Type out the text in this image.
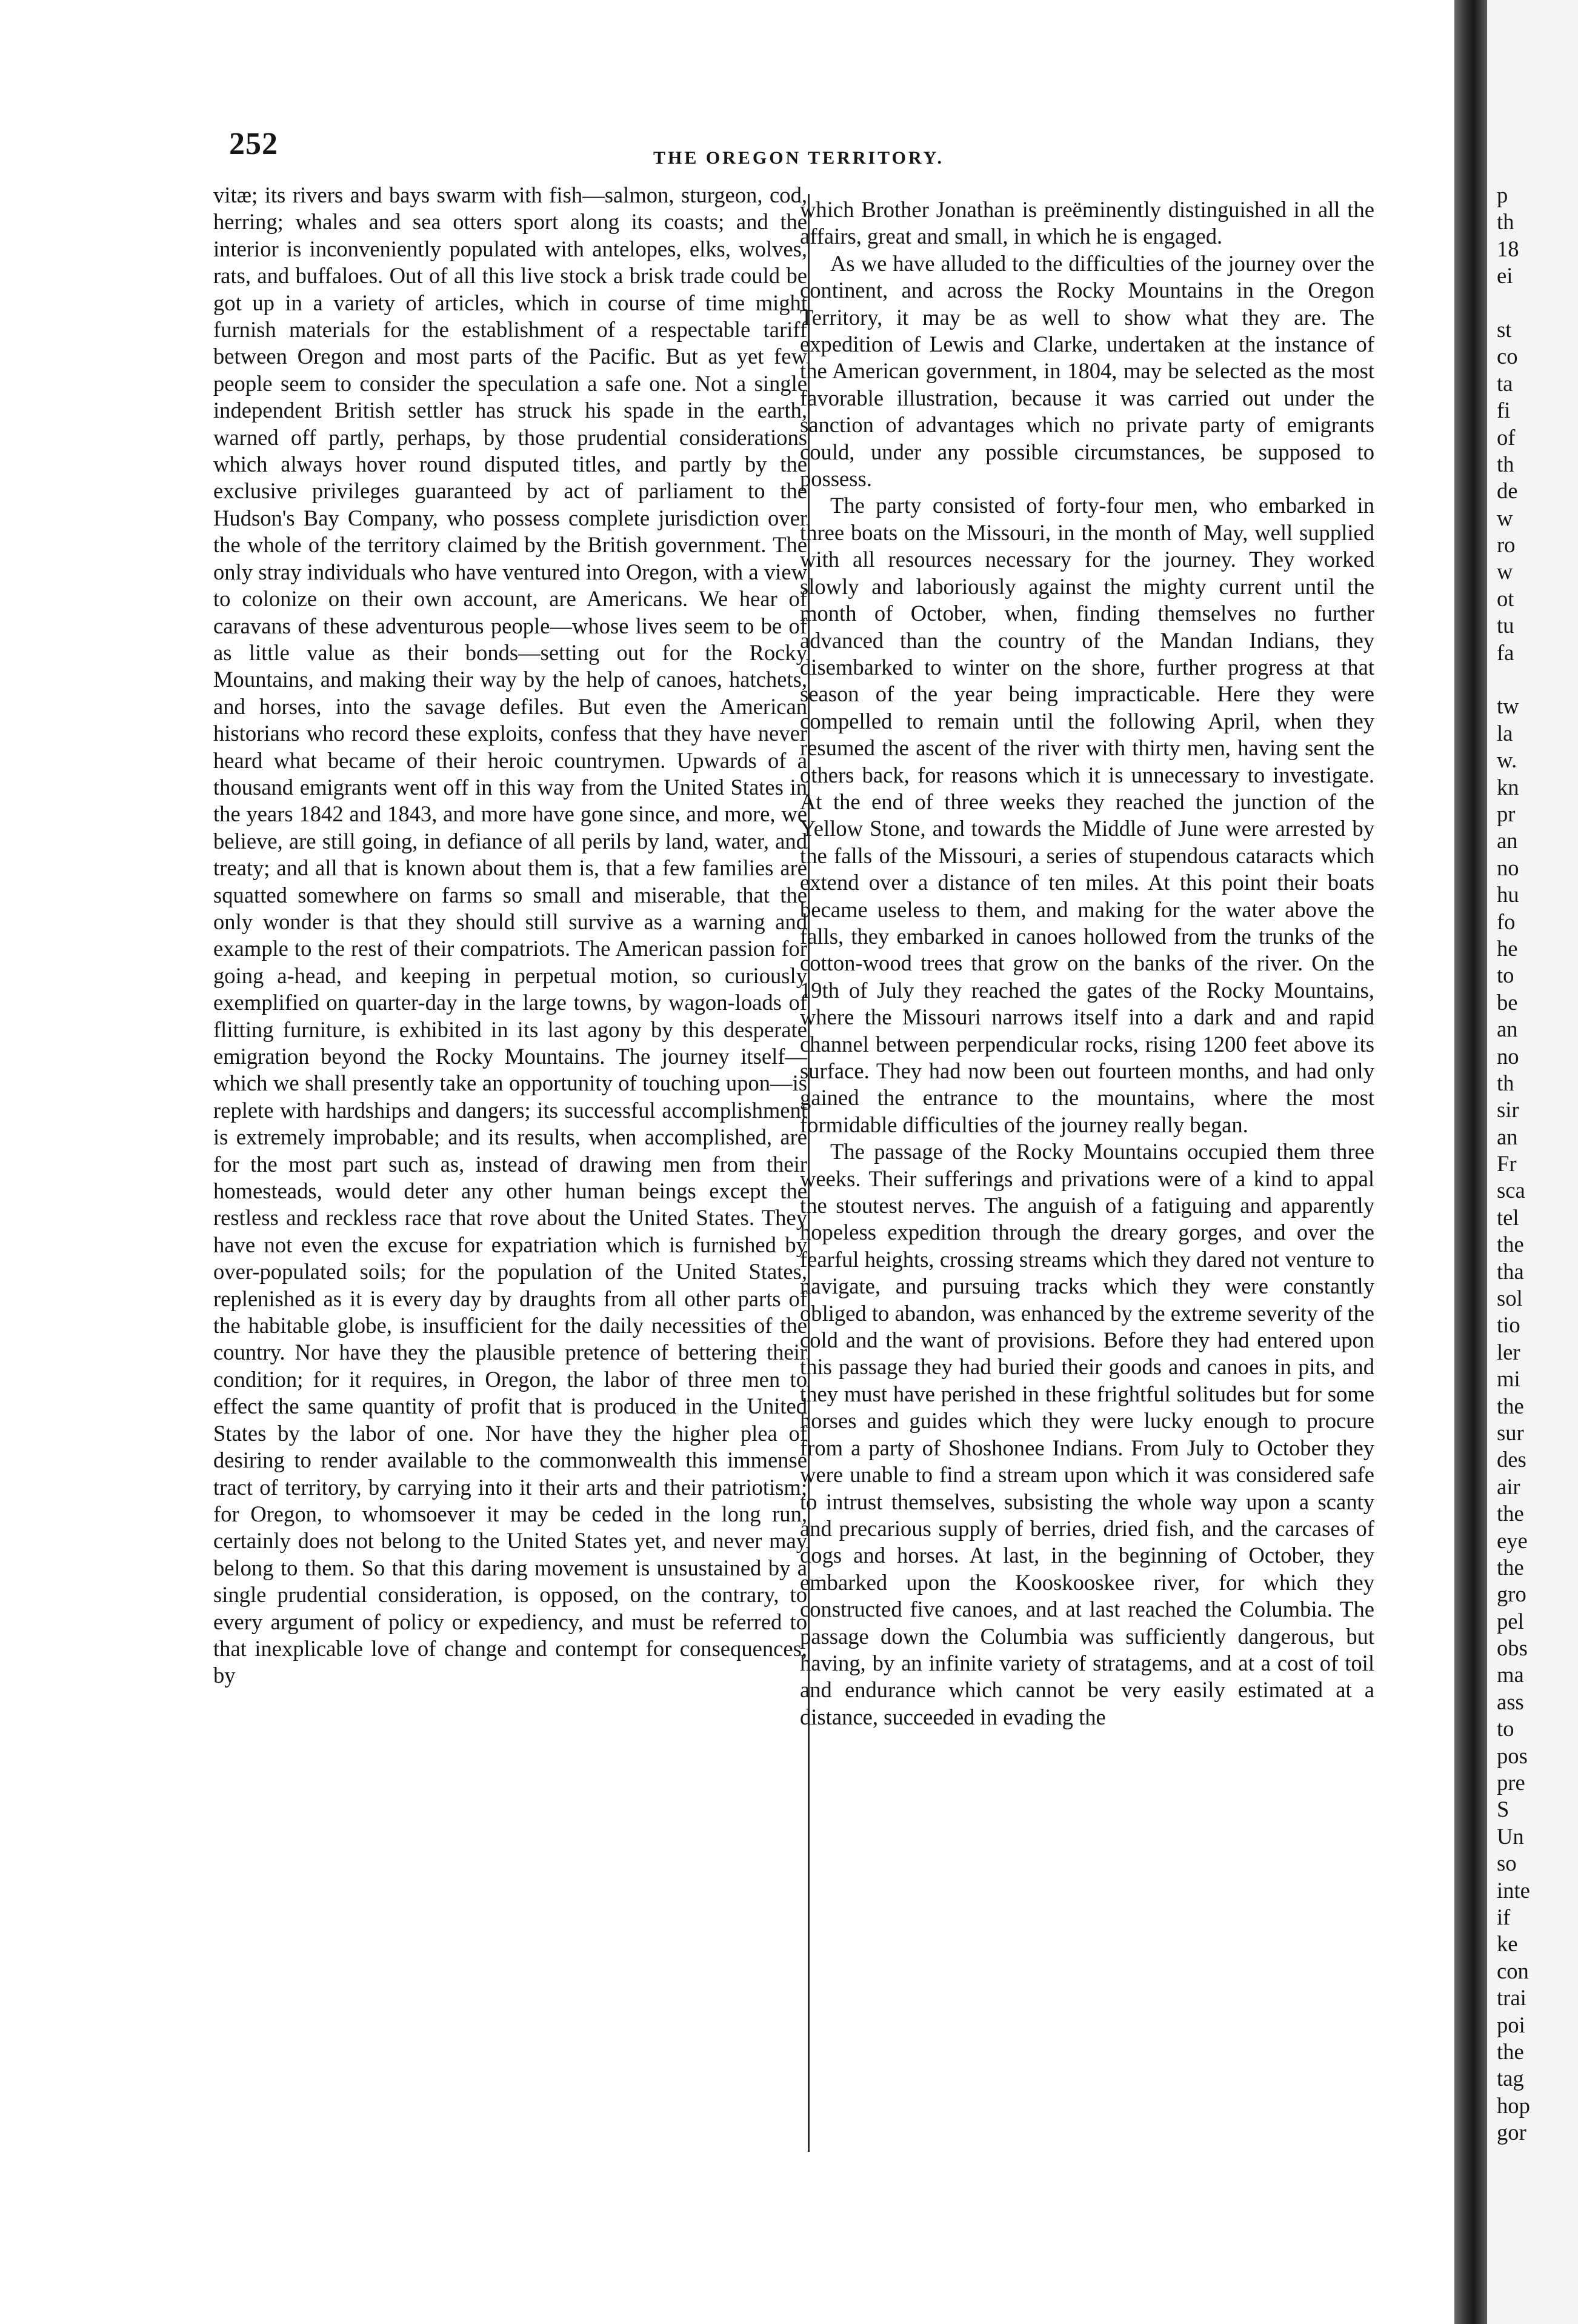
252	THE OREGON TERRITORY.

vitæ; its rivers and bays swarm with fish—salmon, sturgeon, cod, herring; whales and sea otters sport along its coasts; and the interior is inconveniently populated with antelopes, elks, wolves, rats, and buffaloes. Out of all this live stock a brisk trade could be got up in a variety of articles, which in course of time might furnish materials for the establishment of a respectable tariff between Oregon and most parts of the Pacific. But as yet few people seem to consider the speculation a safe one. Not a single independent British settler has struck his spade in the earth, warned off partly, perhaps, by those prudential considerations which always hover round disputed titles, and partly by the exclusive privileges guaranteed by act of parliament to the Hudson's Bay Company, who possess complete jurisdiction over the whole of the territory claimed by the British government. The only stray individuals who have ventured into Oregon, with a view to colonize on their own account, are Americans. We hear of caravans of these adventurous people—whose lives seem to be of as little value as their bonds—setting out for the Rocky Mountains, and making their way by the help of canoes, hatchets, and horses, into the savage defiles. But even the American historians who record these exploits, confess that they have never heard what became of their heroic countrymen. Upwards of a thousand emigrants went off in this way from the United States in the years 1842 and 1843, and more have gone since, and more, we believe, are still going, in defiance of all perils by land, water, and treaty; and all that is known about them is, that a few families are squatted somewhere on farms so small and miserable, that the only wonder is that they should still survive as a warning and example to the rest of their compatriots. The American passion for going a-head, and keeping in perpetual motion, so curiously exemplified on quarter-day in the large towns, by wagon-loads of flitting furniture, is exhibited in its last agony by this desperate emigration beyond the Rocky Mountains. The journey itself—which we shall presently take an opportunity of touching upon—is replete with hardships and dangers; its successful accomplishment is extremely improbable; and its results, when accomplished, are for the most part such as, instead of drawing men from their homesteads, would deter any other human beings except the restless and reckless race that rove about the United States. They have not even the excuse for expatriation which is furnished by over-populated soils; for the population of the United States, replenished as it is every day by draughts from all other parts of the habitable globe, is insufficient for the daily necessities of the country. Nor have they the plausible pretence of bettering their condition; for it requires, in Oregon, the labor of three men to effect the same quantity of profit that is produced in the United States by the labor of one. Nor have they the higher plea of desiring to render available to the commonwealth this immense tract of territory, by carrying into it their arts and their patriotism; for Oregon, to whomsoever it may be ceded in the long run, certainly does not belong to the United States yet, and never may belong to them. So that this daring movement is unsustained by a single prudential consideration, is opposed, on the contrary, to every argument of policy or expediency, and must be referred to that inexplicable love of change and contempt for consequences, by

which Brother Jonathan is preëminently distinguished in all the affairs, great and small, in which he is engaged.

As we have alluded to the difficulties of the journey over the continent, and across the Rocky Mountains in the Oregon Territory, it may be as well to show what they are. The expedition of Lewis and Clarke, undertaken at the instance of the American government, in 1804, may be selected as the most favorable illustration, because it was carried out under the sanction of advantages which no private party of emigrants could, under any possible circumstances, be supposed to possess.

The party consisted of forty-four men, who embarked in three boats on the Missouri, in the month of May, well supplied with all resources necessary for the journey. They worked slowly and laboriously against the mighty current until the month of October, when, finding themselves no further advanced than the country of the Mandan Indians, they disembarked to winter on the shore, further progress at that season of the year being impracticable. Here they were compelled to remain until the following April, when they resumed the ascent of the river with thirty men, having sent the others back, for reasons which it is unnecessary to investigate. At the end of three weeks they reached the junction of the Yellow Stone, and towards the Middle of June were arrested by the falls of the Missouri, a series of stupendous cataracts which extend over a distance of ten miles. At this point their boats became useless to them, and making for the water above the falls, they embarked in canoes hollowed from the trunks of the cotton-wood trees that grow on the banks of the river. On the 19th of July they reached the gates of the Rocky Mountains, where the Missouri narrows itself into a dark and and rapid channel between perpendicular rocks, rising 1200 feet above its surface. They had now been out fourteen months, and had only gained the entrance to the mountains, where the most formidable difficulties of the journey really began.

The passage of the Rocky Mountains occupied them three weeks. Their sufferings and privations were of a kind to appal the stoutest nerves. The anguish of a fatiguing and apparently hopeless expedition through the dreary gorges, and over the fearful heights, crossing streams which they dared not venture to navigate, and pursuing tracks which they were constantly obliged to abandon, was enhanced by the extreme severity of the cold and the want of provisions. Before they had entered upon this passage they had buried their goods and canoes in pits, and they must have perished in these frightful solitudes but for some horses and guides which they were lucky enough to procure from a party of Shoshonee Indians. From July to October they were unable to find a stream upon which it was considered safe to intrust themselves, subsisting the whole way upon a scanty and precarious supply of berries, dried fish, and the carcases of dogs and horses. At last, in the beginning of October, they embarked upon the Kooskooskee river, for which they constructed five canoes, and at last reached the Columbia. The passage down the Columbia was sufficiently dangerous, but having, by an infinite variety of stratagems, and at a cost of toil and endurance which cannot be very easily estimated at a distance, succeeded in evading the

p
th
18
ei
st
co
ta
fi
of
th
de
w
ro
w
ot
tu
fa
tw
la
w.
kn
pr
an
no
hu
fo
he
to
be
an
no
th
sir
an
Fr
sca
tel
the
tha
sol
tio
ler
mi
the
sur
des
air
the
eye
the
gro
pel
obs
ma
ass
to
pos
pre
S
Un
so
inte
if
ke
con
trai
poi
the
tag
hop
gor
